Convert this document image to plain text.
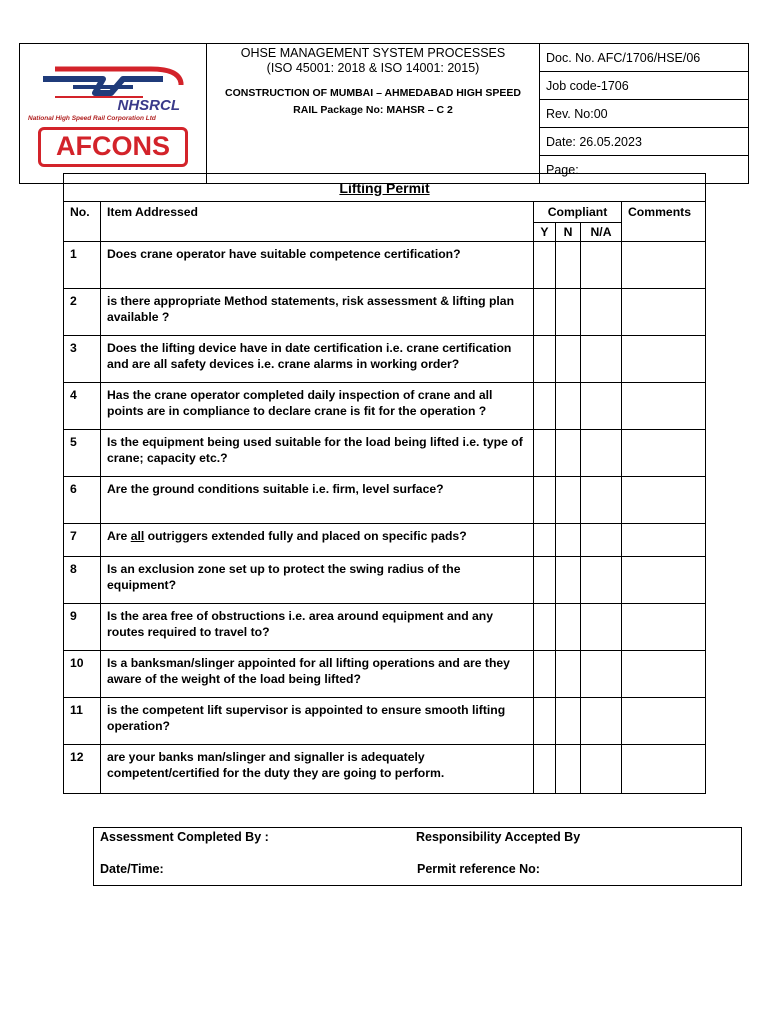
NHSRCL
National High Speed Rail Corporation Ltd
AFCONS

OHSE MANAGEMENT SYSTEM PROCESSES
(ISO 45001: 2018 & ISO 14001: 2015)
CONSTRUCTION OF MUMBAI – AHMEDABAD HIGH SPEED
RAIL Package No: MAHSR – C 2
	Doc. No. AFC/1706/HSE/06
Job code-1706
Rev. No:00
Date: 26.05.2023
Page:
Lifting Permit					
No.	Item Addressed	Compliant			Comments
		Y	N	N/A	
1	Does crane operator have suitable competence certification?				
2	is there appropriate Method statements, risk assessment & lifting plan available ?				
3	Does the lifting device have in date certification i.e. crane certification and are all safety devices i.e. crane alarms in working order?				
4	Has the crane operator completed daily inspection of crane and all points are in compliance to declare crane is fit for the operation ?				
5	Is the equipment being used suitable for the load being lifted i.e. type of crane; capacity etc.?				
6	Are the ground conditions suitable i.e. firm, level surface?				
7	Are all outriggers extended fully and placed on specific pads?				
8	Is an exclusion zone set up to protect the swing radius of the equipment?				
9	Is the area free of obstructions i.e. area around equipment and any routes required to travel to?				
10	Is a banksman/slinger appointed for all lifting operations and are they aware of the weight of the load being lifted?				
11	is the competent lift supervisor is appointed to ensure smooth lifting operation?				
12	are your banks man/slinger and signaller is adequately competent/certified for the duty they are going to perform.				
Assessment Completed By :	Responsibility Accepted By
Date/Time:	Permit reference No:
